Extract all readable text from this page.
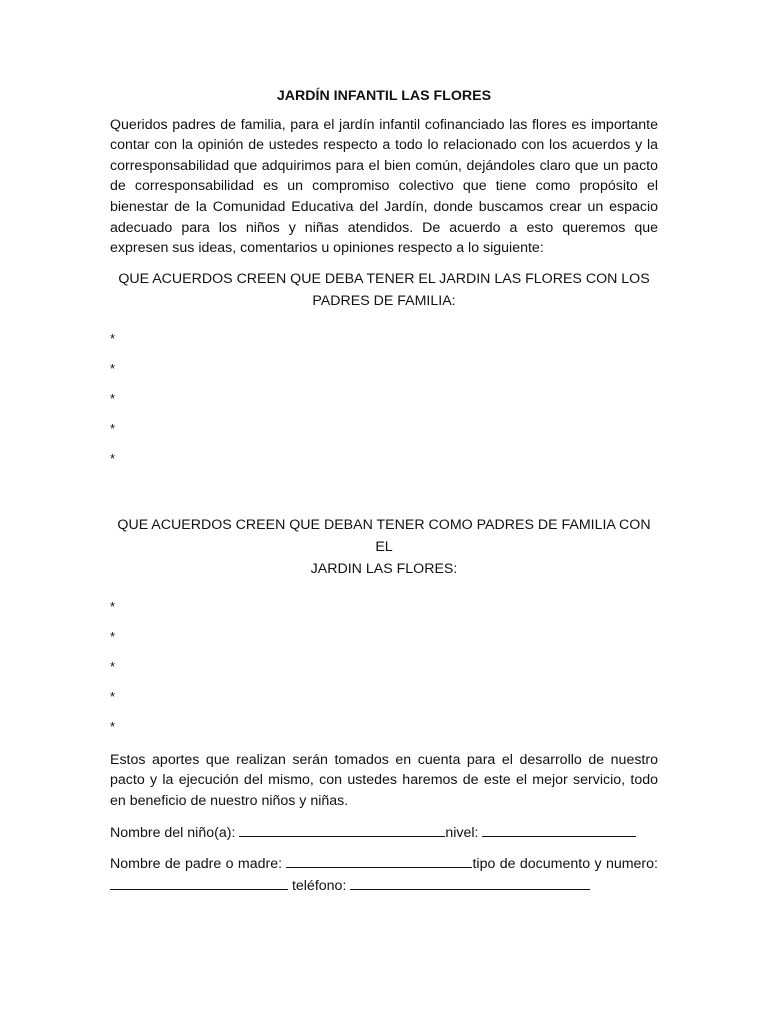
JARDÍN INFANTIL LAS FLORES

Queridos padres de familia, para el jardín infantil cofinanciado las flores es importante contar con la opinión de ustedes respecto a todo lo relacionado con los acuerdos y la corresponsabilidad que adquirimos para el bien común, dejándoles claro que un pacto de corresponsabilidad es un compromiso colectivo que tiene como propósito el bienestar de la Comunidad Educativa del Jardín, donde buscamos crear un espacio adecuado para los niños y niñas atendidos. De acuerdo a esto queremos que expresen sus ideas, comentarios u opiniones respecto a lo siguiente:

QUE ACUERDOS CREEN QUE DEBA TENER EL JARDIN LAS FLORES CON LOS
PADRES DE FAMILIA:
*
*
*
*
*
QUE ACUERDOS CREEN QUE DEBAN TENER COMO PADRES DE FAMILIA CON EL
JARDIN LAS FLORES:
*
*
*
*
*

Estos aportes que realizan serán tomados en cuenta para el desarrollo de nuestro pacto y la ejecución del mismo, con ustedes haremos de este el mejor servicio, todo en beneficio de nuestro niños y niñas.

Nombre del niño(a):	nivel:

Nombre de padre o madre:	tipo de documento y numero:  teléfono:
